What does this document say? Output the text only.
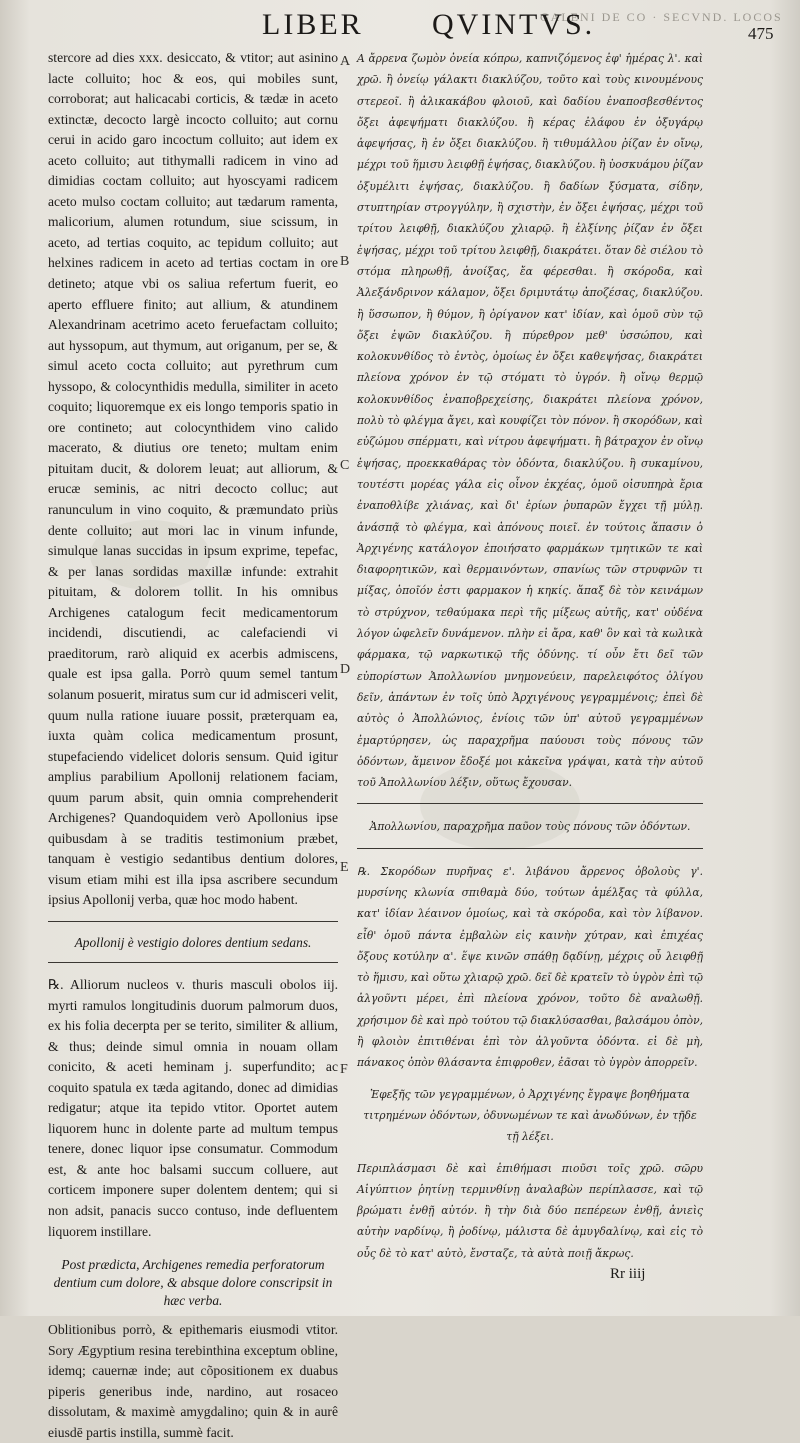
GALENI DE CO · SECVND. LOCOS
LIBER QVINTVS.	475

stercore ad dies xxx. desiccato, & vtitor; aut asinino lacte colluito; hoc & eos, qui mobiles sunt, corroborat; aut halicacabi corticis, & tædæ in aceto extinctæ, decocto largè incocto colluito; aut cornu cerui in acido garo incoctum colluito; aut idem ex aceto colluito; aut tithymalli radicem in vino ad dimidias coctam colluito; aut hyoscyami radicem aceto mulso coctam colluito; aut tædarum ramenta, malicorium, alumen rotundum, siue scissum, in aceto, ad tertias coquito, ac tepidum colluito; aut helxines radicem in aceto ad tertias coctam in ore detineto; atque vbi os saliua refertum fuerit, eo aperto effluere finito; aut allium, & atundinem Alexandrinam acetrimo aceto feruefactam colluito; aut hyssopum, aut thymum, aut origanum, per se, & simul aceto cocta colluito; aut pyrethrum cum hyssopo, & colocynthidis medulla, similiter in aceto coquito; liquoremque ex eis longo temporis spatio in ore contineto; aut colocynthidem vino calido macerato, & diutius ore teneto; multam enim pituitam ducit, & dolorem leuat; aut alliorum, & erucæ seminis, ac nitri decocto colluc; aut ranunculum in vino coquito, & præmundato priùs dente colluito; aut mori lac in vinum infunde, simulque lanas succidas in ipsum exprime, tepefac, & per lanas sordidas maxillæ infunde: extrahit pituitam, & dolorem tollit. In his omnibus Archigenes catalogum fecit medicamentorum incidendi, discutiendi, ac calefaciendi vi praeditorum, rarò aliquid ex acerbis admiscens, quale est ipsa galla. Porrò quum semel tantum solanum posuerit, miratus sum cur id admisceri velit, quum nulla ratione iuuare possit, præterquam ea, iuxta quàm colica medicamentum prosunt, stupefaciendo videlicet doloris sensum. Quid igitur amplius parabilium Apollonij relationem faciam, quum parum absit, quin omnia comprehenderit Archigenes? Quandoquidem verò Apollonius ipse quibusdam à se traditis testimonium præbet, tanquam è vestigio sedantibus dentium dolores, visum etiam mihi est illa ipsa ascribere secundum ipsius Apollonij verba, quæ hoc modo habent.

Apollonij è vestigio dolores dentium sedans.

℞. Alliorum nucleos v. thuris masculi obolos iij. myrti ramulos longitudinis duorum palmorum duos, ex his folia decerpta per se terito, similiter & allium, & thus; deinde simul omnia in nouam ollam conicito, & aceti heminam j. superfundito; ac coquito spatula ex tæda agitando, donec ad dimidias redigatur; atque ita tepido vtitor. Oportet autem liquorem hunc in dolente parte ad multum tempus tenere, donec liquor ipse consumatur. Commodum est, & ante hoc balsami succum colluere, aut corticem imponere super dolentem dentem; qui si non adsit, panacis succo contuso, inde defluentem liquorem instillare.

Post prædicta, Archigenes remedia perforatorum dentium cum dolore, & absque dolore conscripsit in hæc verba.

Oblitionibus porrò, & epithemaris eiusmodi vtitor. Sory Ægyptium resina terebinthina exceptum obline, idemq; cauernæ inde; aut cõpositionem ex duabus piperis generibus inde, nardino, aut rosaceo dissolutam, & maximè amygdalino; quin & in aurê eiusdē partis instilla, summè facit.

Α ἄρρενα ζωμὸν ὀνεία κόπρω, καπνιζόμενος ἐφ' ἡμέρας λ'. καὶ χρῶ. ἢ ὀνείῳ γάλακτι διακλύζου, τοῦτο καὶ τοὺς κινουμένους στερεοῖ. ἢ ἀλικακάβου φλοιοῦ, καὶ δαδίου ἐναποσβεσθέντος ὄξει ἀφεψήματι διακλύζου. ἢ κέρας ἐλάφου ἐν ὀξυγάρῳ ἀφεψήσας, ἢ ἐν ὄξει διακλύζου. ἢ τιθυμάλλου ῥίζαν ἐν οἴνῳ, μέχρι τοῦ ἥμισυ λειφθῇ ἑψήσας, διακλύζου. ἢ ὑοσκυάμου ῥίζαν ὀξυμέλιτι ἑψήσας, διακλύζου. ἢ δαδίων ξύσματα, σίδην, στυπτηρίαν στρογγύλην, ἢ σχιστὴν, ἐν ὄξει ἑψήσας, μέχρι τοῦ τρίτου λειφθῇ, διακλύζου χλιαρῷ. ἢ ἑλξίνης ῥίζαν ἐν ὄξει ἑψήσας, μέχρι τοῦ τρίτου λειφθῇ, διακράτει. ὅταν δὲ σιέλου τὸ στόμα πληρωθῇ, ἀνοίξας, ἔα φέρεσθαι. ἢ σκόροδα, καὶ Ἀλεξάνδρινον κάλαμον, ὄξει δριμυτάτῳ ἀποζέσας, διακλύζου. ἢ ὕσσωπον, ἢ θύμον, ἢ ὀρίγανον κατ' ἰδίαν, καὶ ὁμοῦ σὺν τῷ ὄξει ἑψῶν διακλύζου. ἢ πύρεθρον μεθ' ὑσσώπου, καὶ κολοκυνθίδος τὸ ἐντὸς, ὁμοίως ἐν ὄξει καθεψήσας, διακράτει πλείονα χρόνον ἐν τῷ στόματι τὸ ὑγρόν. ἢ οἴνῳ θερμῷ κολοκυνθίδος ἐναποβρεχείσης, διακράτει πλείονα χρόνον, πολὺ τὸ φλέγμα ἄγει, καὶ κουφίζει τὸν πόνον. ἢ σκορόδων, καὶ εὐζώμου σπέρματι, καὶ νίτρου ἀφεψήματι. ἢ βάτραχον ἐν οἴνῳ ἑψήσας, προεκκαθάρας τὸν ὀδόντα, διακλύζου. ἢ συκαμίνου, τουτέστι μορέας γάλα εἰς οἶνον ἐκχέας, ὁμοῦ οἰσυπηρὰ ἔρια ἐναποθλίβε χλιάνας, καὶ δι' ἐρίων ῥυπαρῶν ἔγχει τῇ μύλῃ. ἀνάσπᾷ τὸ φλέγμα, καὶ ἀπόνους ποιεῖ. ἐν τούτοις ἅπασιν ὁ Ἀρχιγένης κατάλογον ἐποιήσατο φαρμάκων τμητικῶν τε καὶ διαφορητικῶν, καὶ θερμαινόντων, σπανίως τῶν στρυφνῶν τι μίξας, ὁποῖόν ἐστι φαρμακον ἡ κηκίς. ἅπαξ δὲ τὸν κεινάμων τὸ στρύχνον, τεθαύμακα περὶ τῆς μίξεως αὐτῆς, κατ' οὐδένα λόγον ὠφελεῖν δυνάμενον. πλὴν εἰ ἄρα, καθ' ὃν καὶ τὰ κωλικὰ φάρμακα, τῷ ναρκωτικῷ τῆς ὀδύνης. τί οὖν ἔτι δεῖ τῶν εὐπορίστων Ἀπολλωνίου μνημονεύειν, παρελειφότος ὀλίγου δεῖν, ἁπάντων ἐν τοῖς ὑπὸ Ἀρχιγένους γεγραμμένοις; ἐπεὶ δὲ αὐτὸς ὁ Ἀπολλώνιος, ἐνίοις τῶν ὑπ' αὐτοῦ γεγραμμένων ἐμαρτύρησεν, ὡς παραχρῆμα παύουσι τοὺς πόνους τῶν ὀδόντων, ἄμεινον ἔδοξέ μοι κἀκεῖνα γράψαι, κατὰ τὴν αὐτοῦ τοῦ Ἀπολλωνίου λέξιν, οὕτως ἔχουσαν.

Ἀπολλωνίου, παραχρῆμα παῦον τοὺς πόνους τῶν ὀδόντων.

℞. Σκορόδων πυρῆνας ε'. λιβάνου ἄρρενος ὀβολοὺς γ'. μυρσίνης κλωνία σπιθαμὰ δύο, τούτων ἀμέλξας τὰ φύλλα, κατ' ἰδίαν λέαινον ὁμοίως, καὶ τὰ σκόροδα, καὶ τὸν λίβανον. εἶθ' ὁμοῦ πάντα ἐμβαλὼν εἰς καινὴν χύτραν, καὶ ἐπιχέας ὄξους κοτύλην α'. ἕψε κινῶν σπάθῃ δᾳδίνῃ, μέχρις οὗ λειφθῇ τὸ ἥμισυ, καὶ οὕτω χλιαρῷ χρῶ. δεῖ δὲ κρατεῖν τὸ ὑγρὸν ἐπὶ τῷ ἀλγοῦντι μέρει, ἐπὶ πλείονα χρόνον, τοῦτο δὲ αναλωθῇ. χρήσιμον δὲ καὶ πρὸ τούτου τῷ διακλύσασθαι, βαλσάμου ὀπὸν, ἢ φλοιὸν ἐπιτιθέναι ἐπὶ τὸν ἀλγοῦντα ὀδόντα. εἰ δὲ μὴ, πάνακος ὀπὸν θλάσαντα ἐπιφροθεν, ἐᾶσαι τὸ ὑγρὸν ἀπορρεῖν.

Ἑφεξῆς τῶν γεγραμμένων, ὁ Ἀρχιγένης ἔγραψε βοηθήματα τιτρημένων ὀδόντων, ὀδυνωμένων τε καὶ ἀνωδύνων, ἐν τῇδε τῇ λέξει.

Περιπλάσμασι δὲ καὶ ἐπιθήμασι πιοῦσι τοῖς χρῶ. σῶρυ Αἰγύπτιον ῥητίνῃ τερμινθίνῃ ἀναλαβὼν περίπλασσε, καὶ τῷ βρώματι ἐνθῇ αὐτόν. ἢ τὴν διὰ δύο πεπέρεων ἐνθῇ, ἀνιεὶς αὐτὴν ναρδίνῳ, ἢ ῥοδίνῳ, μάλιστα δὲ ἀμυγδαλίνῳ, καὶ εἰς τὸ οὖς δὲ τὸ κατ' αὐτὸ, ἔνσταζε, τὰ αὐτὰ ποιῇ ἄκρως.

A
B
C
D
E
F
Rr iiij
